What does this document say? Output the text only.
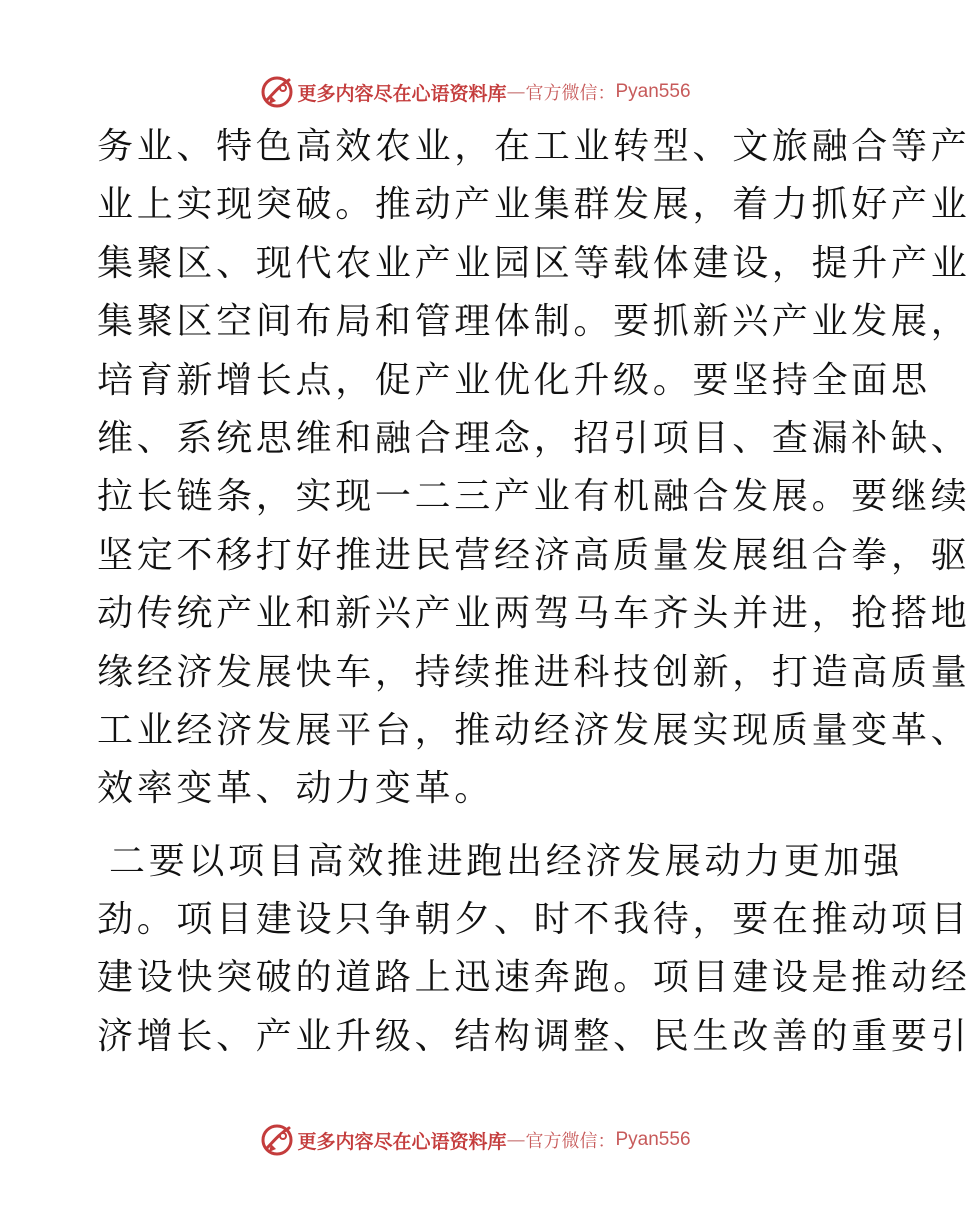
更多内容尽在心语资料库 — 官方微信： Pyan556
务业、特色高效农业，在工业转型、文旅融合等产
业上实现突破。推动产业集群发展，着力抓好产业
集聚区、现代农业产业园区等载体建设，提升产业
集聚区空间布局和管理体制。要抓新兴产业发展，
培育新增长点，促产业优化升级。要坚持全面思
维、系统思维和融合理念，招引项目、查漏补缺、
拉长链条，实现一二三产业有机融合发展。要继续
坚定不移打好推进民营经济高质量发展组合拳，驱
动传统产业和新兴产业两驾马车齐头并进，抢搭地
缘经济发展快车，持续推进科技创新，打造高质量
工业经济发展平台，推动经济发展实现质量变革、
效率变革、动力变革。
二要以项目高效推进跑出经济发展动力更加强
劲。项目建设只争朝夕、时不我待，要在推动项目
建设快突破的道路上迅速奔跑。项目建设是推动经
济增长、产业升级、结构调整、民生改善的重要引
更多内容尽在心语资料库 — 官方微信： Pyan556
